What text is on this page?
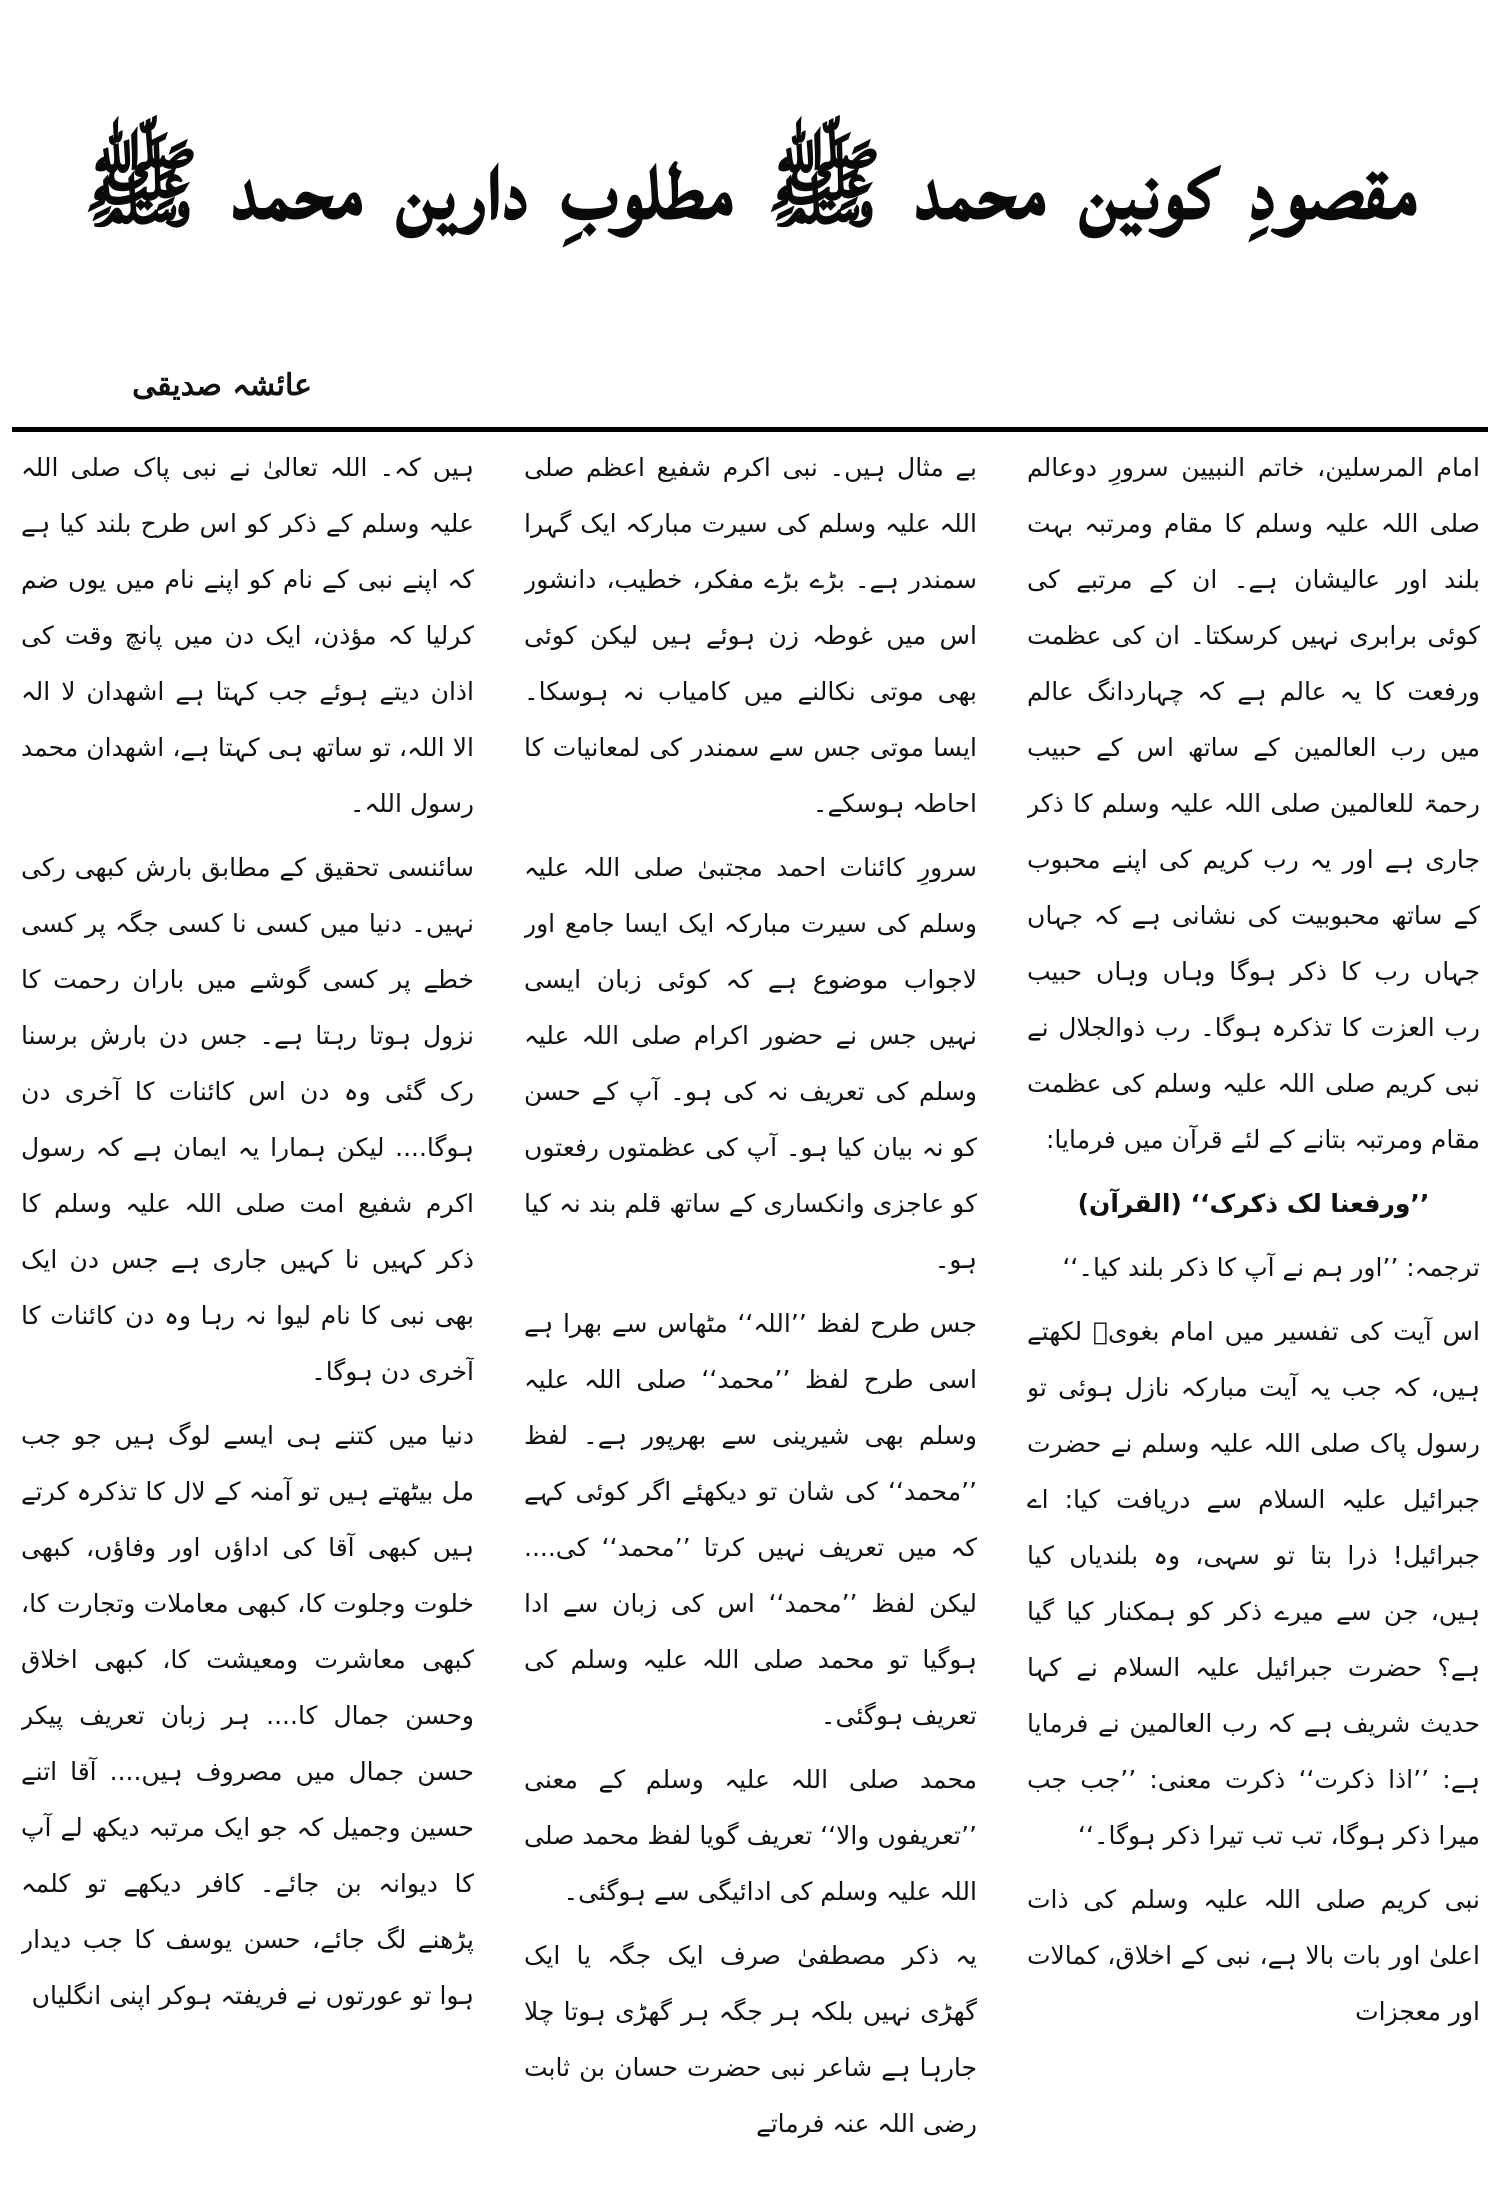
مقصودِ کونین محمد ﷺ مطلوبِ دارین محمد ﷺ
عائشہ صدیقی

امام المرسلین، خاتم النبیین سرورِ دوعالم صلی اللہ علیہ وسلم کا مقام ومرتبہ بہت بلند اور عالیشان ہے۔ ان کے مرتبے کی کوئی برابری نہیں کرسکتا۔ ان کی عظمت ورفعت کا یہ عالم ہے کہ چہاردانگ عالم میں رب العالمین کے ساتھ اس کے حبیب رحمۃ للعالمین صلی اللہ علیہ وسلم کا ذکر جاری ہے اور یہ رب کریم کی اپنے محبوب کے ساتھ محبوبیت کی نشانی ہے کہ جہاں جہاں رب کا ذکر ہوگا وہاں وہاں حبیب رب العزت کا تذکرہ ہوگا۔ رب ذوالجلال نے نبی کریم صلی اللہ علیہ وسلم کی عظمت مقام ومرتبہ بتانے کے لئے قرآن میں فرمایا:

’’ورفعنا لک ذکرک‘‘ (القرآن)

ترجمہ: ’’اور ہم نے آپ کا ذکر بلند کیا۔‘‘

اس آیت کی تفسیر میں امام بغویؒ لکھتے ہیں، کہ جب یہ آیت مبارکہ نازل ہوئی تو رسول پاک صلی اللہ علیہ وسلم نے حضرت جبرائیل علیہ السلام سے دریافت کیا: اے جبرائیل! ذرا بتا تو سہی، وہ بلندیاں کیا ہیں، جن سے میرے ذکر کو ہمکنار کیا گیا ہے؟ حضرت جبرائیل علیہ السلام نے کہا حدیث شریف ہے کہ رب العالمین نے فرمایا ہے: ’’اذا ذکرت‘‘ ذکرت معنی: ’’جب جب میرا ذکر ہوگا، تب تب تیرا ذکر ہوگا۔‘‘

نبی کریم صلی اللہ علیہ وسلم کی ذات اعلیٰ اور بات بالا ہے، نبی کے اخلاق، کمالات اور معجزات

بے مثال ہیں۔ نبی اکرم شفیع اعظم صلی اللہ علیہ وسلم کی سیرت مبارکہ ایک گہرا سمندر ہے۔ بڑے بڑے مفکر، خطیب، دانشور اس میں غوطہ زن ہوئے ہیں لیکن کوئی بھی موتی نکالنے میں کامیاب نہ ہوسکا۔ ایسا موتی جس سے سمندر کی لمعانیات کا احاطہ ہوسکے۔

سرورِ کائنات احمد مجتبیٰ صلی اللہ علیہ وسلم کی سیرت مبارکہ ایک ایسا جامع اور لاجواب موضوع ہے کہ کوئی زبان ایسی نہیں جس نے حضور اکرام صلی اللہ علیہ وسلم کی تعریف نہ کی ہو۔ آپ کے حسن کو نہ بیان کیا ہو۔ آپ کی عظمتوں رفعتوں کو عاجزی وانکساری کے ساتھ قلم بند نہ کیا ہو۔

جس طرح لفظ ’’اللہ‘‘ مٹھاس سے بھرا ہے اسی طرح لفظ ’’محمد‘‘ صلی اللہ علیہ وسلم بھی شیرینی سے بھرپور ہے۔ لفظ ’’محمد‘‘ کی شان تو دیکھئے اگر کوئی کہے کہ میں تعریف نہیں کرتا ’’محمد‘‘ کی.... لیکن لفظ ’’محمد‘‘ اس کی زبان سے ادا ہوگیا تو محمد صلی اللہ علیہ وسلم کی تعریف ہوگئی۔

محمد صلی اللہ علیہ وسلم کے معنی ’’تعریفوں والا‘‘ تعریف گویا لفظ محمد صلی اللہ علیہ وسلم کی ادائیگی سے ہوگئی۔

یہ ذکر مصطفیٰ صرف ایک جگہ یا ایک گھڑی نہیں بلکہ ہر جگہ ہر گھڑی ہوتا چلا جارہا ہے شاعر نبی حضرت حسان بن ثابت رضی اللہ عنہ فرماتے

ہیں کہ۔ اللہ تعالیٰ نے نبی پاک صلی اللہ علیہ وسلم کے ذکر کو اس طرح بلند کیا ہے کہ اپنے نبی کے نام کو اپنے نام میں یوں ضم کرلیا کہ مؤذن، ایک دن میں پانچ وقت کی اذان دیتے ہوئے جب کہتا ہے اشھدان لا الہ الا اللہ، تو ساتھ ہی کہتا ہے، اشھدان محمد رسول اللہ۔

سائنسی تحقیق کے مطابق بارش کبھی رکی نہیں۔ دنیا میں کسی نا کسی جگہ پر کسی خطے پر کسی گوشے میں باران رحمت کا نزول ہوتا رہتا ہے۔ جس دن بارش برسنا رک گئی وہ دن اس کائنات کا آخری دن ہوگا.... لیکن ہمارا یہ ایمان ہے کہ رسول اکرم شفیع امت صلی اللہ علیہ وسلم کا ذکر کہیں نا کہیں جاری ہے جس دن ایک بھی نبی کا نام لیوا نہ رہا وہ دن کائنات کا آخری دن ہوگا۔

دنیا میں کتنے ہی ایسے لوگ ہیں جو جب مل بیٹھتے ہیں تو آمنہ کے لال کا تذکرہ کرتے ہیں کبھی آقا کی اداؤں اور وفاؤں، کبھی خلوت وجلوت کا، کبھی معاملات وتجارت کا، کبھی معاشرت ومعیشت کا، کبھی اخلاق وحسن جمال کا.... ہر زبان تعریف پیکر حسن جمال میں مصروف ہیں.... آقا اتنے حسین وجمیل کہ جو ایک مرتبہ دیکھ لے آپ کا دیوانہ بن جائے۔ کافر دیکھے تو کلمہ پڑھنے لگ جائے، حسن یوسف کا جب دیدار ہوا تو عورتوں نے فریفتہ ہوکر اپنی انگلیاں
